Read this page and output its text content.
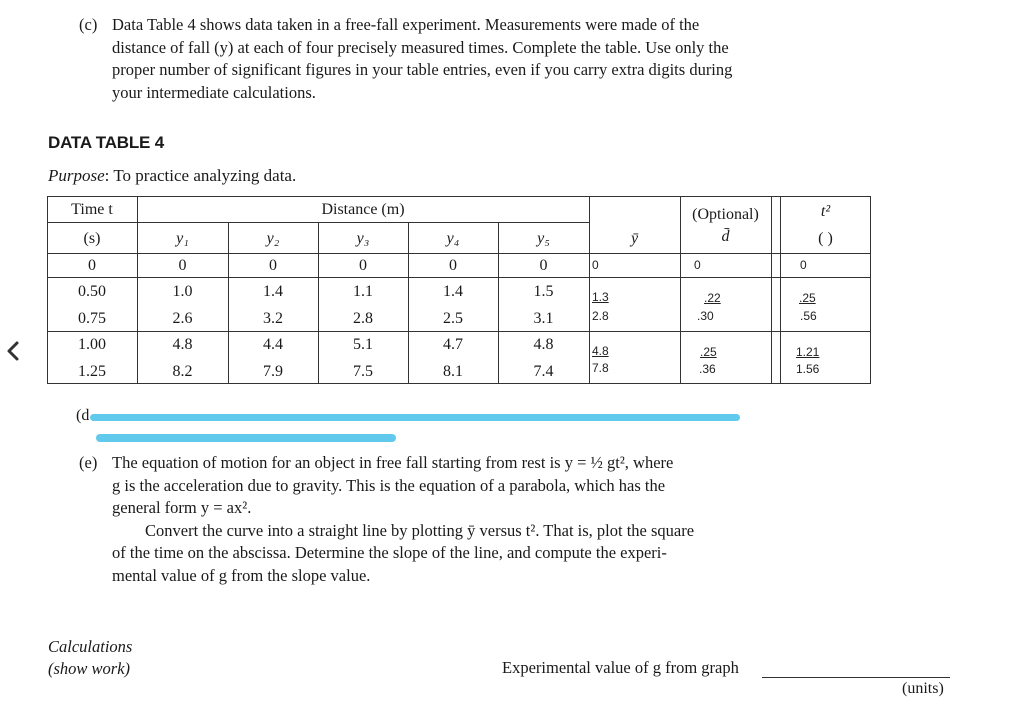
(c) Data Table 4 shows data taken in a free-fall experiment. Measurements were made of the distance of fall (y) at each of four precisely measured times. Complete the table. Use only the proper number of significant figures in your table entries, even if you carry extra digits during your intermediate calculations.
DATA TABLE 4
Purpose: To practice analyzing data.
Time t
(s)
Distance (m)
y₁	y₂	y₃	y₄	y₅	ȳ
(Optional)
d̄
t²
( )
0	0	0	0	0	0	0	0	0
0.50	1.0	1.4	1.1	1.4	1.5	1.3	.22	.25
0.75	2.6	3.2	2.8	2.5	3.1	2.8	.30	.56
1.00	4.8	4.4	5.1	4.7	4.8	4.8	.25	1.21
1.25	8.2	7.9	7.5	8.1	7.4	7.8	.36	1.56
(d
(e) The equation of motion for an object in free fall starting from rest is y = ½ gt², where
g is the acceleration due to gravity. This is the equation of a parabola, which has the
general form y = ax².
Convert the curve into a straight line by plotting ȳ versus t². That is, plot the square
of the time on the abscissa. Determine the slope of the line, and compute the experi-
mental value of g from the slope value.
Calculations
(show work)	Experimental value of g from graph
(units)
